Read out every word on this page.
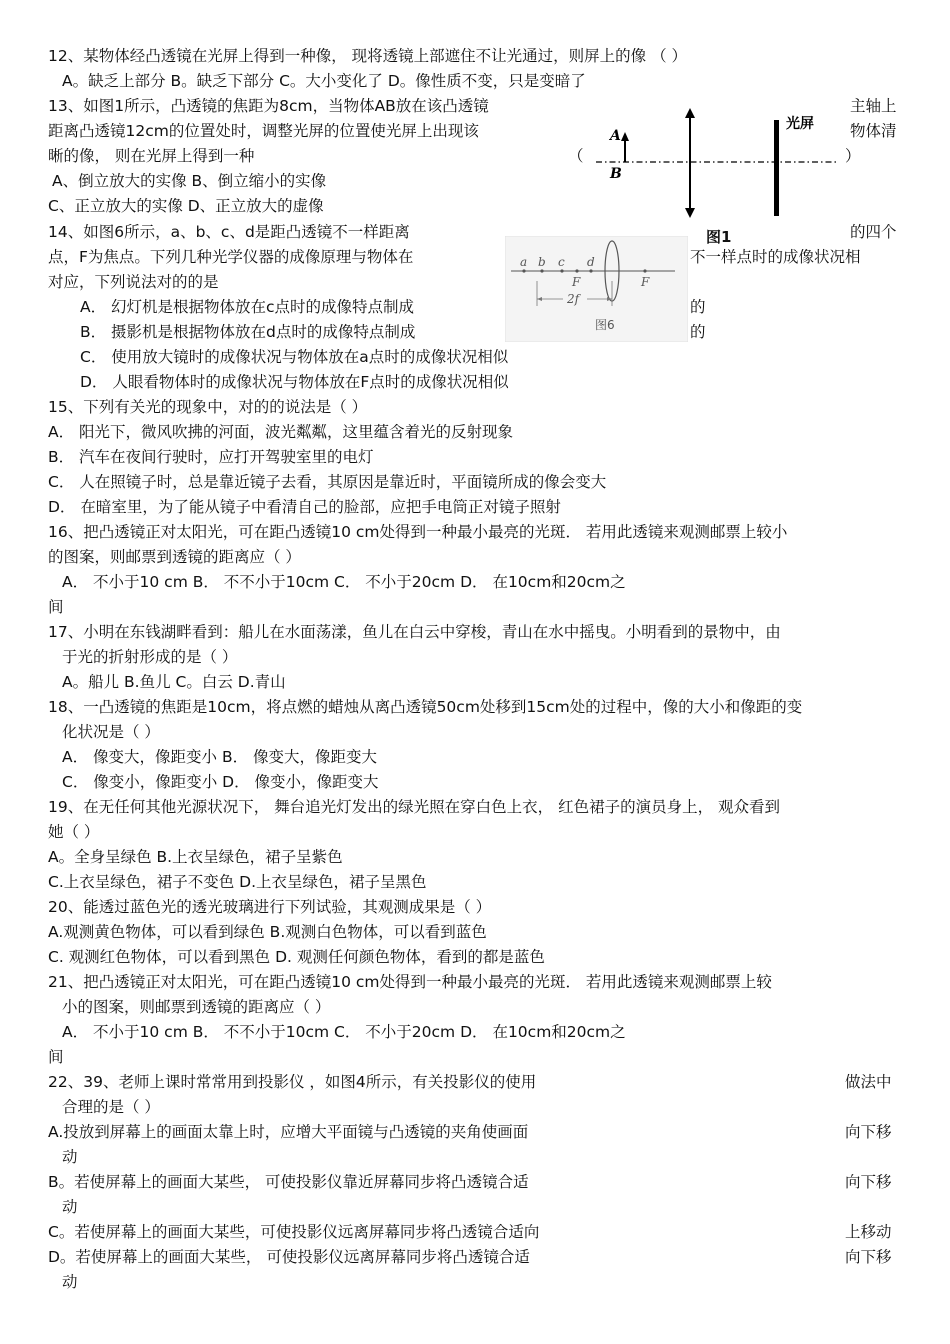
12、某物体经凸透镜在光屏上得到一种像， 现将透镜上部遮住不让光通过，则屏上的像 （ ）
A。缺乏上部分 B。缺乏下部分 C。大小变化了 D。像性质不变，只是变暗了
13、如图1所示，凸透镜的焦距为8cm，当物体AB放在该凸透镜	主轴上
距离凸透镜12cm的位置处时，调整光屏的位置使光屏上出现该	物体清
晰的像， 则在光屏上得到一种	（	）
A、倒立放大的实像 B、倒立缩小的实像
C、正立放大的实像 D、正立放大的虚像
14、如图6所示，a、b、c、d是距凸透镜不一样距离	的四个
点，F为焦点。下列几种光学仪器的成像原理与物体在	不一样点时的成像状况相
对应，下列说法对的的是
A． 幻灯机是根据物体放在c点时的成像特点制成	的
B． 摄影机是根据物体放在d点时的成像特点制成	的
C． 使用放大镜时的成像状况与物体放在a点时的成像状况相似
D． 人眼看物体时的成像状况与物体放在F点时的成像状况相似
15、下列有关光的现象中，对的的说法是（ ）
A． 阳光下，微风吹拂的河面，波光粼粼，这里蕴含着光的反射现象
B． 汽车在夜间行驶时，应打开驾驶室里的电灯
C． 人在照镜子时，总是靠近镜子去看，其原因是靠近时，平面镜所成的像会变大
D． 在暗室里，为了能从镜子中看清自己的脸部，应把手电筒正对镜子照射
16、把凸透镜正对太阳光，可在距凸透镜10 cm处得到一种最小最亮的光斑． 若用此透镜来观测邮票上较小
的图案，则邮票到透镜的距离应（ ）
A． 不小于10 cm B． 不不小于10cm C． 不小于20cm D． 在10cm和20cm之
间
17、小明在东钱湖畔看到：船儿在水面荡漾，鱼儿在白云中穿梭，青山在水中摇曳。小明看到的景物中，由
于光的折射形成的是（ ）
A。船儿 B.鱼儿 C。白云 D.青山
18、一凸透镜的焦距是10cm，将点燃的蜡烛从离凸透镜50cm处移到15cm处的过程中，像的大小和像距的变
化状况是（ ）
A． 像变大，像距变小 B． 像变大，像距变大
C． 像变小，像距变小 D． 像变小，像距变大
19、在无任何其他光源状况下， 舞台追光灯发出的绿光照在穿白色上衣， 红色裙子的演员身上， 观众看到
她（ ）
A。全身呈绿色 B.上衣呈绿色，裙子呈紫色
C.上衣呈绿色，裙子不变色 D.上衣呈绿色，裙子呈黑色
20、能透过蓝色光的透光玻璃进行下列试验，其观测成果是（ ）
A.观测黄色物体，可以看到绿色 B.观测白色物体，可以看到蓝色
C. 观测红色物体，可以看到黑色 D. 观测任何颜色物体，看到的都是蓝色
21、把凸透镜正对太阳光，可在距凸透镜10 cm处得到一种最小最亮的光斑． 若用此透镜来观测邮票上较
小的图案，则邮票到透镜的距离应（ ）
A． 不小于10 cm B． 不不小于10cm C． 不小于20cm D． 在10cm和20cm之
间
22、39、老师上课时常常用到投影仪 ，如图4所示，有关投影仪的使用	做法中
合理的是（ ）
A.投放到屏幕上的画面太靠上时，应增大平面镜与凸透镜的夹角使画面	向下移
动
B。若使屏幕上的画面大某些， 可使投影仪靠近屏幕同步将凸透镜合适	向下移
动
C。若使屏幕上的画面大某些，可使投影仪远离屏幕同步将凸透镜合适向	上移动
D。若使屏幕上的画面大某些， 可使投影仪远离屏幕同步将凸透镜合适	向下移
动
A
B
光屏
图1
a b c d
F	F
2f
图6
